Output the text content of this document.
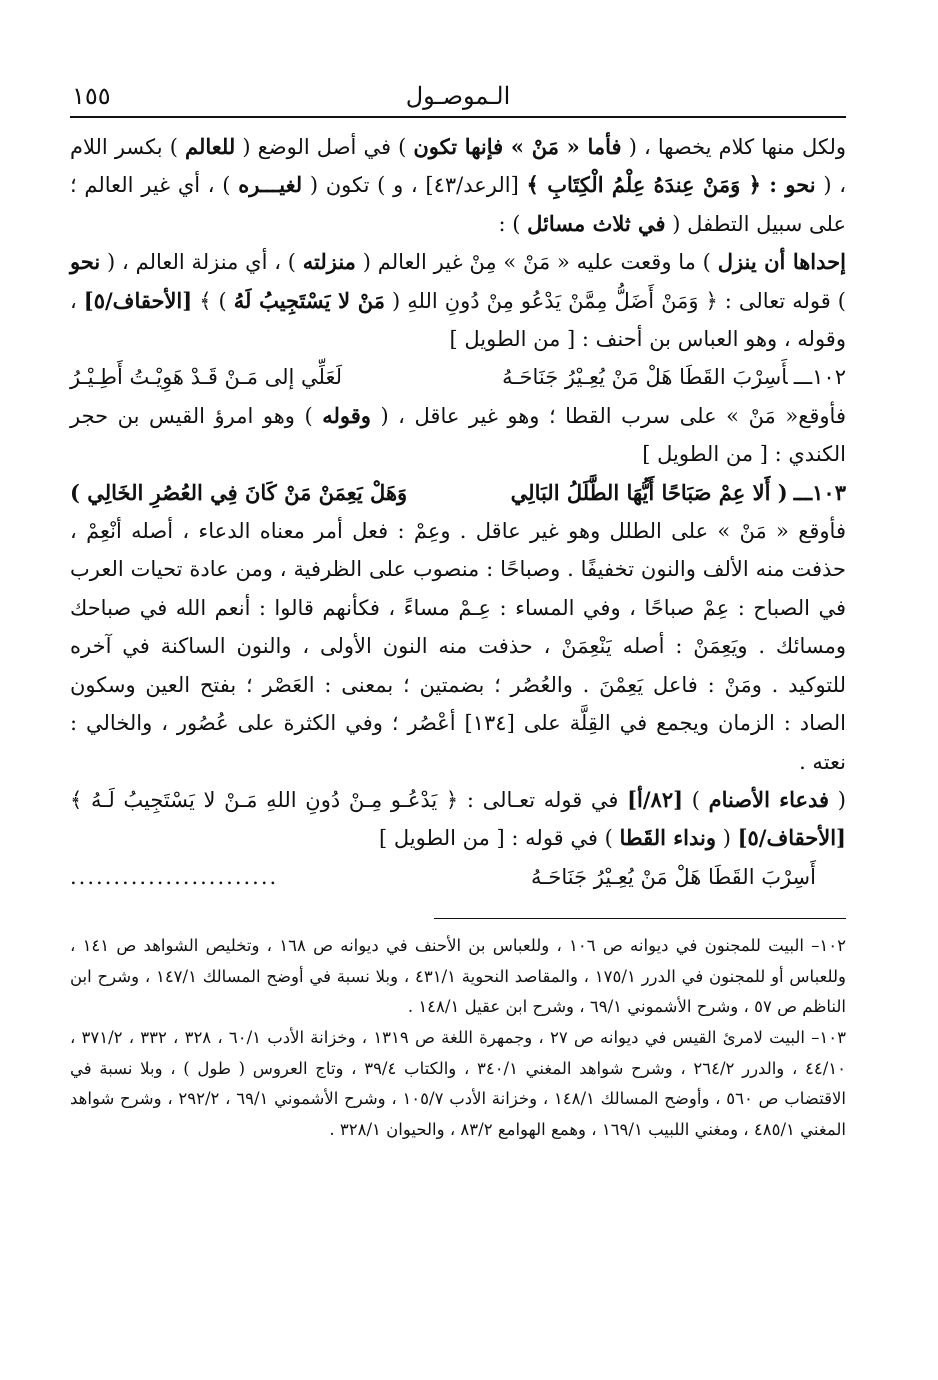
الـموصـول
١٥٥

ولكل منها كلام يخصها ، ( فأما « مَنْ » فإنها تكون ) في أصل الوضع ( للعالم ) بكسر اللام ، ( نحو : ﴿ وَمَنْ عِندَهُ عِلْمُ الْكِتَابِ ﴾ [الرعد/٤٣] ، و ) تكون ( لغيـــره ) ، أي غير العالم ؛ على سبيل التطفل ( في ثلاث مسائل ) :

إحداها أن ينزل ) ما وقعت عليه « مَنْ » مِنْ غير العالم ( منزلته ) ، أي منزلة العالم ، ( نحو ) قوله تعالى : ﴿ وَمَنْ أَضَلُّ مِمَّنْ يَدْعُو مِنْ دُونِ اللهِ ( مَنْ لا يَسْتَجِيبُ لَهُ ) ﴾ [الأحقاف/٥] ، وقوله ، وهو العباس بن أحنف : [ من الطويل ]

١٠٢ـــأَسِرْبَ القَطَا هَلْ مَنْ يُعِـيْرُ جَنَاحَـهُ
لَعَلِّي إلى مَـنْ قَـدْ هَوِيْـتُ أَطِـيْـرُ

فأوقع« مَنْ » على سرب القطا ؛ وهو غير عاقل ، ( وقوله ) وهو امرؤ القيس بن حجر الكندي : [ من الطويل ]

١٠٣ـــ( أَلا عِمْ صَبَاحًا أَيُّهَا الطَّلَلُ البَالِي
وَهَلْ يَعِمَنْ مَنْ كَانَ فِي العُصُرِ الخَالِي )

فأوقع « مَنْ » على الطلل وهو غير عاقل . وعِمْ : فعل أمر معناه الدعاء ، أصله أنْعِمْ ، حذفت منه الألف والنون تخفيفًا . وصباحًا : منصوب على الظرفية ، ومن عادة تحيات العرب في الصباح : عِمْ صباحًا ، وفي المساء : عِـمْ مساءً ، فكأنهم قالوا : أنعم الله في صباحك ومسائك . ويَعِمَنْ : أصله يَنْعِمَنْ ، حذفت منه النون الأولى ، والنون الساكنة في آخره للتوكيد . ومَنْ : فاعل يَعِمْنَ . والعُصُر ؛ بضمتين ؛ بمعنى : العَصْر ؛ بفتح العين وسكون الصاد : الزمان ويجمع في القِلَّة على [١٣٤] أعْصُر ؛ وفي الكثرة على عُصُور ، والخالي : نعته .

( فدعاء الأصنام ) [٨٢/أ] في قوله تعـالى : ﴿ يَدْعُـو مِـنْ دُونِ اللهِ مَـنْ لا يَسْتَجِيبُ لَـهُ ﴾ [الأحقاف/٥] ( ونداء القَطا ) في قوله : [ من الطويل ]

أَسِرْبَ القَطَا هَلْ مَنْ يُعِـيْرُ جَنَاحَـهُ
........................

١٠٢– البيت للمجنون في ديوانه ص ١٠٦ ، وللعباس بن الأحنف في ديوانه ص ١٦٨ ، وتخليص الشواهد ص ١٤١ ، وللعباس أو للمجنون في الدرر ١٧٥/١ ، والمقاصد النحوية ٤٣١/١ ، وبلا نسبة في أوضح المسالك ١٤٧/١ ، وشرح ابن الناظم ص ٥٧ ، وشرح الأشموني ٦٩/١ ، وشرح ابن عقيل ١٤٨/١ .

١٠٣– البيت لامرئ القيس في ديوانه ص ٢٧ ، وجمهرة اللغة ص ١٣١٩ ، وخزانة الأدب ٦٠/١ ، ٣٢٨ ، ٣٣٢ ، ٣٧١/٢ ، ٤٤/١٠ ، والدرر ٢٦٤/٢ ، وشرح شواهد المغني ٣٤٠/١ ، والكتاب ٣٩/٤ ، وتاج العروس ( طول ) ، وبلا نسبة في الاقتضاب ص ٥٦٠ ، وأوضح المسالك ١٤٨/١ ، وخزانة الأدب ١٠٥/٧ ، وشرح الأشموني ٦٩/١ ، ٢٩٢/٢ ، وشرح شواهد المغني ٤٨٥/١ ، ومغني اللبيب ١٦٩/١ ، وهمع الهوامع ٨٣/٢ ، والحيوان ٣٢٨/١ .
